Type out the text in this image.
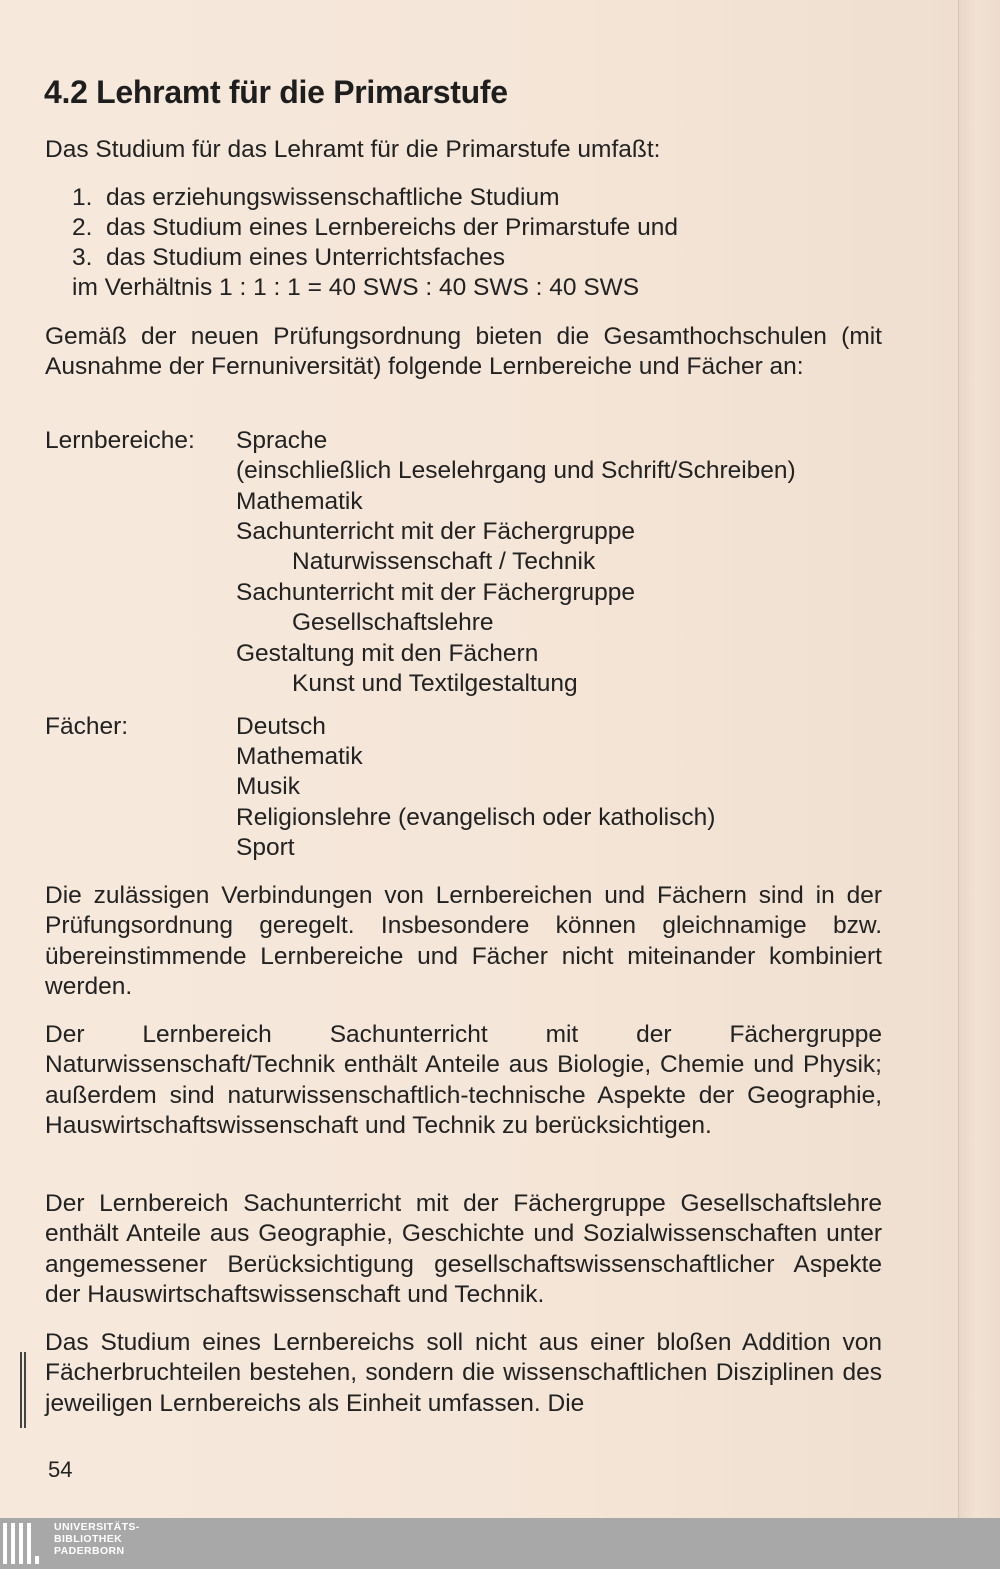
4.2 Lehramt für die Primarstufe

Das Studium für das Lehramt für die Primarstufe umfaßt:

1. das erziehungswissenschaftliche Studium

2. das Studium eines Lernbereichs der Primarstufe und

3. das Studium eines Unterrichtsfaches

im Verhältnis 1 : 1 : 1 = 40 SWS : 40 SWS : 40 SWS

Gemäß der neuen Prüfungsordnung bieten die Gesamthochschulen (mit Ausnahme der Fernuniversität) folgende Lernbereiche und Fächer an:

Lernbereiche: Sprache

(einschließlich Leselehrgang und Schrift/Schreiben)

Mathematik

Sachunterricht mit der Fächergruppe

Naturwissenschaft / Technik

Sachunterricht mit der Fächergruppe

Gesellschaftslehre

Gestaltung mit den Fächern

Kunst und Textilgestaltung

Fächer:	Deutsch

Mathematik

Musik

Religionslehre (evangelisch oder katholisch)

Sport

Die zulässigen Verbindungen von Lernbereichen und Fächern sind in der Prüfungsordnung geregelt. Insbesondere können gleichnamige bzw. übereinstimmende Lernbereiche und Fächer nicht miteinander kombiniert werden.

Der Lernbereich Sachunterricht mit der Fächergruppe Naturwissenschaft/Technik enthält Anteile aus Biologie, Chemie und Physik; außerdem sind naturwissenschaftlich-technische Aspekte der Geographie, Hauswirtschaftswissenschaft und Technik zu berücksichtigen.

Der Lernbereich Sachunterricht mit der Fächergruppe Gesellschaftslehre enthält Anteile aus Geographie, Geschichte und Sozialwissenschaften unter angemessener Berücksichtigung gesellschaftswissenschaftlicher Aspekte der Hauswirtschaftswissenschaft und Technik.

Das Studium eines Lernbereichs soll nicht aus einer bloßen Addition von Fächerbruchteilen bestehen, sondern die wissenschaftlichen Disziplinen des jeweiligen Lernbereichs als Einheit umfassen. Die

54

UNIVERSITÄTS-
BIBLIOTHEK
PADERBORN
